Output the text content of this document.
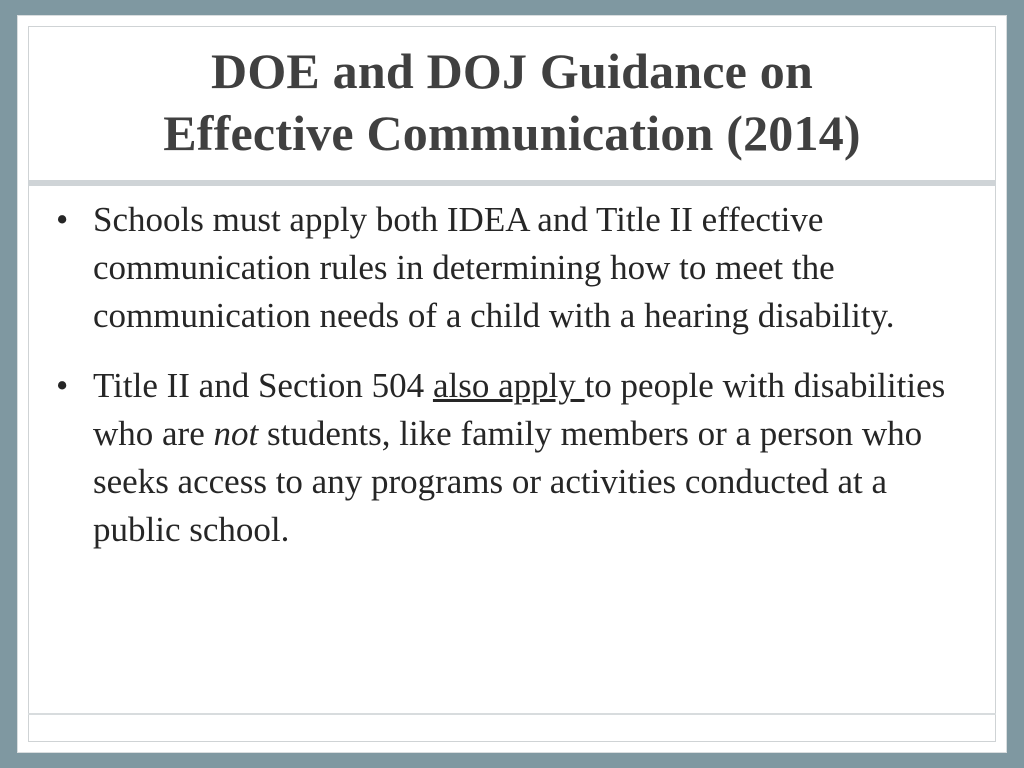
DOE and DOJ Guidance on
Effective Communication (2014)
• Schools must apply both IDEA and Title II effective communication rules in determining how to meet the communication needs of a child with a hearing disability.
• Title II and Section 504 also apply to people with disabilities who are not students, like family members or a person who seeks access to any programs or activities conducted at a public school.
